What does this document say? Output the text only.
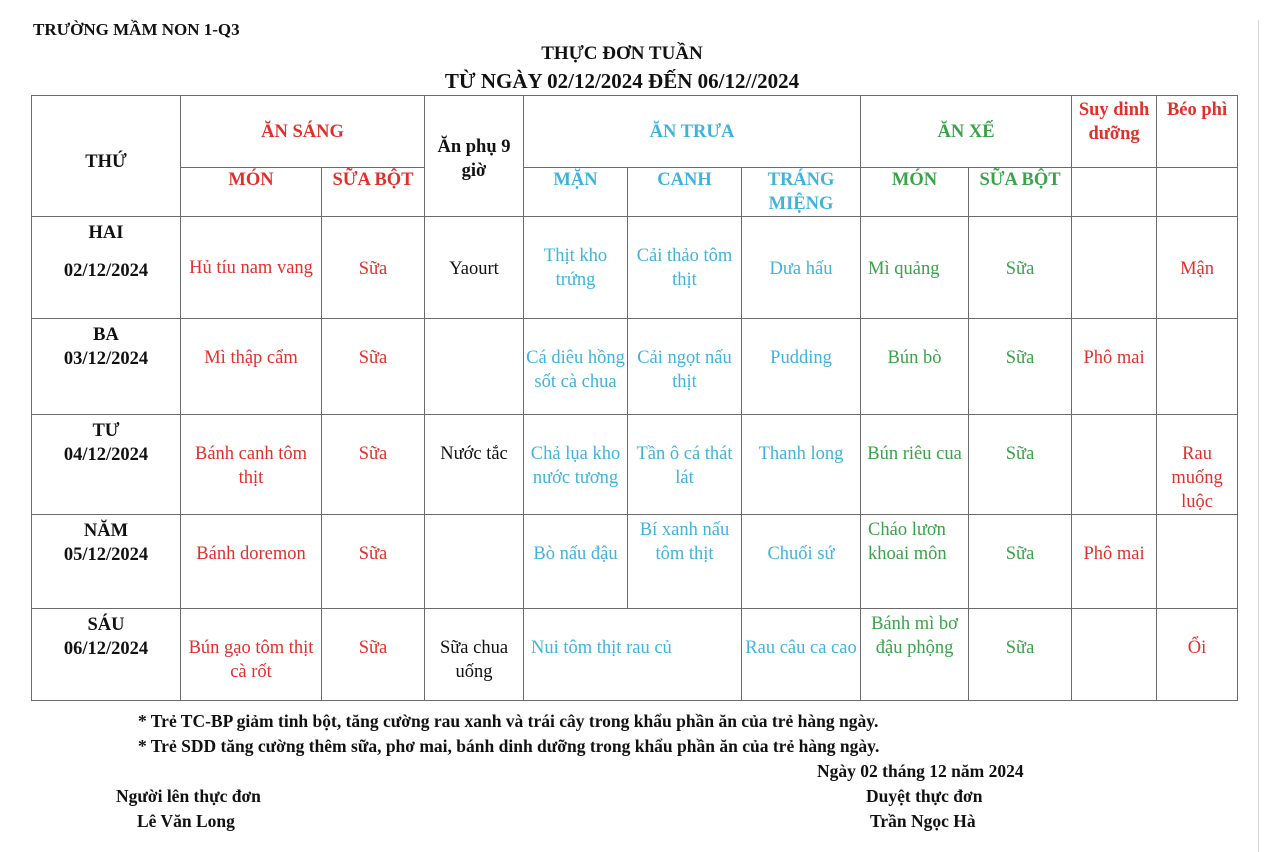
TRƯỜNG MẦM NON 1-Q3
THỰC ĐƠN TUẦN
TỪ NGÀY 02/12/2024 ĐẾN 06/12//2024
THỨ	ĂN SÁNG		Ăn phụ 9 giờ	ĂN TRƯA			ĂN XẾ		Suy dinh dưỡng	Béo phì
	MÓN	SỮA BỘT		MẶN	CANH	TRÁNG MIỆNG	MÓN	SỮA BỘT		

HAI
02/12/2024	Hủ tíu nam vang	Sữa	Yaourt	Thịt kho trứng	Cải thảo tôm thịt	Dưa hấu	Mì quảng	Sữa		Mận

BA
03/12/2024	Mì thập cẩm	Sữa		Cá diêu hồng sốt cà chua	Cải ngọt nấu thịt	Pudding	Bún bò	Sữa	Phô mai	

TƯ
04/12/2024	Bánh canh tôm thịt	Sữa	Nước tắc	Chả lụa kho nước tương	Tần ô cá thát lát	Thanh long	Bún riêu cua	Sữa		Rau muống luộc

NĂM
05/12/2024	Bánh doremon	Sữa		Bò nấu đậu	Bí xanh nấu tôm thịt	Chuối sứ	Cháo lươn khoai môn	Sữa	Phô mai	

SÁU
06/12/2024	Bún gạo tôm thịt cà rốt	Sữa	Sữa chua uống	Nui tôm thịt rau củ		Rau câu ca cao	Bánh mì bơ đậu phộng	Sữa		Ổi
* Trẻ TC-BP giảm tinh bột, tăng cường rau xanh và trái cây trong khẩu phần ăn của trẻ hàng ngày.
* Trẻ SDD tăng cường thêm sữa, phơ mai, bánh dinh dưỡng trong khẩu phần ăn của trẻ hàng ngày.
Ngày 02 tháng 12 năm 2024
Người lên thực đơn
Lê Văn Long
Duyệt thực đơn
Trần Ngọc Hà
